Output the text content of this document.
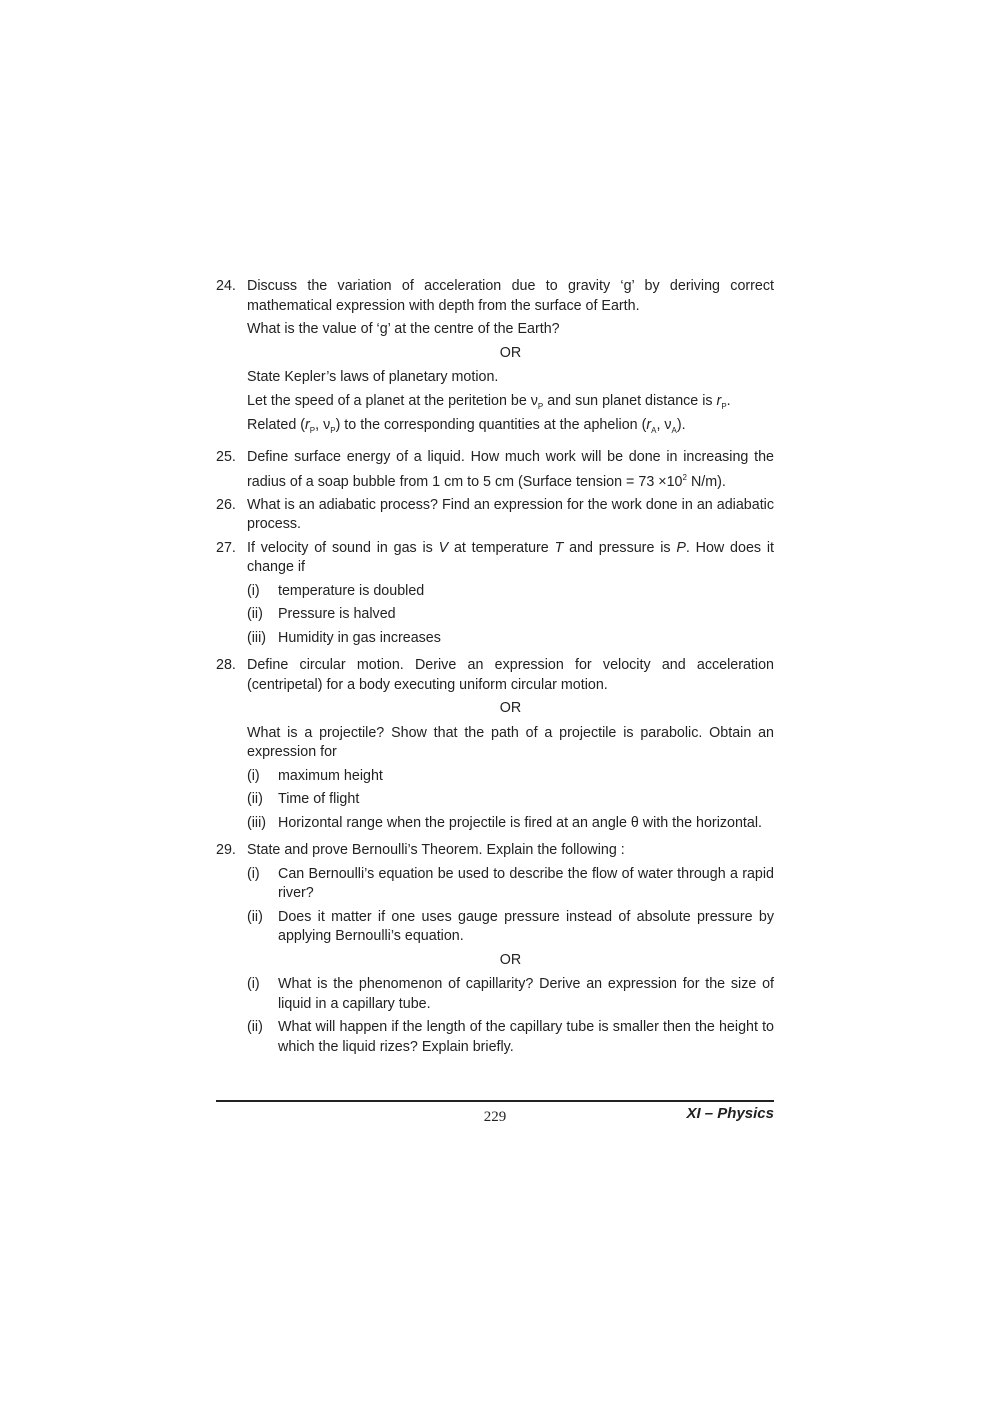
24. Discuss the variation of acceleration due to gravity ‘g’ by deriving correct mathematical expression with depth from the surface of Earth.
What is the value of ‘g’ at the centre of the Earth?
OR
State Kepler’s laws of planetary motion.
Let the speed of a planet at the peritetion be $\nu_P$ and sun planet distance is $r_P$.
Related ($r_P$, $\nu_P$) to the corresponding quantities at the aphelion ($r_A$, $\nu_A$).
25. Define surface energy of a liquid. How much work will be done in increasing the radius of a soap bubble from 1 cm to 5 cm (Surface tension = $73 \times 10^2$ N/m).
26. What is an adiabatic process? Find an expression for the work done in an adiabatic process.
27. If velocity of sound in gas is V at temperature T and pressure is P. How does it change if
(i)	temperature is doubled
(ii)	Pressure is halved
(iii) Humidity in gas increases
28. Define circular motion. Derive an expression for velocity and acceleration (centripetal) for a body executing uniform circular motion.
OR
What is a projectile? Show that the path of a projectile is parabolic. Obtain an expression for
(i)	maximum height
(ii)	Time of flight
(iii) Horizontal range when the projectile is fired at an angle θ with the horizontal.
29. State and prove Bernoulli’s Theorem. Explain the following :
(i)	Can Bernoulli’s equation be used to describe the flow of water through a rapid river?
(ii)	Does it matter if one uses gauge pressure instead of absolute pressure by applying Bernoulli’s equation.
OR
(i)	What is the phenomenon of capillarity? Derive an expression for the size of liquid in a capillary tube.
(ii)	What will happen if the length of the capillary tube is smaller then the height to which the liquid rizes? Explain briefly.
229	XI – Physics
